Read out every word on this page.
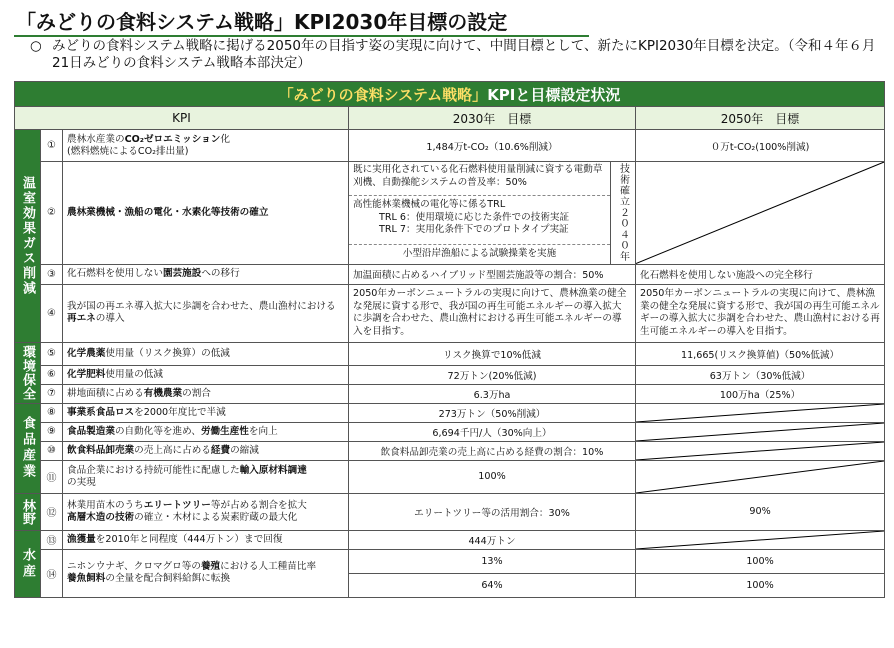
「みどりの食料システム戦略」KPI2030年目標の設定
○ みどりの食料システム戦略に掲げる2050年の目指す姿の実現に向けて、中間目標として、新たにKPI2030年目標を決定。（令和４年６月21日みどりの食料システム戦略本部決定）
「みどりの食料システム戦略」KPIと目標設定状況					
KPI			2030年　目標		2050年　目標

温室効果ガス削減	①	農林水産業のCO₂ゼロエミッション化
(燃料燃焼によるCO₂排出量)	1,484万t-CO₂（10.6%削減）		０万t-CO₂(100%削減)
	②	農林業機械・漁船の電化・水素化等技術の確立	既に実用化されている化石燃料使用量削減に資する電動草刈機、自動操舵システムの普及率：50%
高性能林業機械の電化等に係るTRL
TRL 6：使用環境に応じた条件での技術実証
TRL 7：実用化条件下でのプロトタイプ実証
小型沿岸漁船による試験操業を実施	技術確立２０４０年

	③	化石燃料を使用しない園芸施設への移行	加温面積に占めるハイブリッド型園芸施設等の割合：50%		化石燃料を使用しない施設への完全移行
	④	我が国の再エネ導入拡大に歩調を合わせた、農山漁村における再エネの導入	2050年カーボンニュートラルの実現に向けて、農林漁業の健全な発展に資する形で、我が国の再生可能エネルギーの導入拡大に歩調を合わせた、農山漁村における再生可能エネルギーの導入を目指す。		2050年カーボンニュートラルの実現に向けて、農林漁業の健全な発展に資する形で、我が国の再生可能エネルギーの導入拡大に歩調を合わせた、農山漁村における再生可能エネルギーの導入を目指す。

環境保全	⑤	化学農薬使用量（リスク換算）の低減	リスク換算で10%低減		11,665(リスク換算値)（50%低減）
	⑥	化学肥料使用量の低減	72万トン(20%低減)		63万トン（30%低減）
	⑦	耕地面積に占める有機農業の割合	6.3万ha		100万ha（25%）

食品産業	⑧	事業系食品ロスを2000年度比で半減	273万トン（50%削減）	

	⑨	食品製造業の自動化等を進め、労働生産性を向上	6,694千円/人（30%向上）	

	⑩	飲食料品卸売業の売上高に占める経費の縮減	飲食料品卸売業の売上高に占める経費の割合：10%	

	⑪	食品企業における持続可能性に配慮した輸入原材料調達
の実現	100%	

林野	⑫	林業用苗木のうちエリートツリー等が占める割合を拡大
高層木造の技術の確立・木材による炭素貯蔵の最大化	エリートツリー等の活用割合：30%		90%

水産	⑬	漁獲量を2010年と同程度（444万トン）まで回復	444万トン	

	⑭	ニホンウナギ、クロマグロ等の養殖における人工種苗比率
養魚飼料の全量を配合飼料給餌に転換	13%		100%
			64%		100%
